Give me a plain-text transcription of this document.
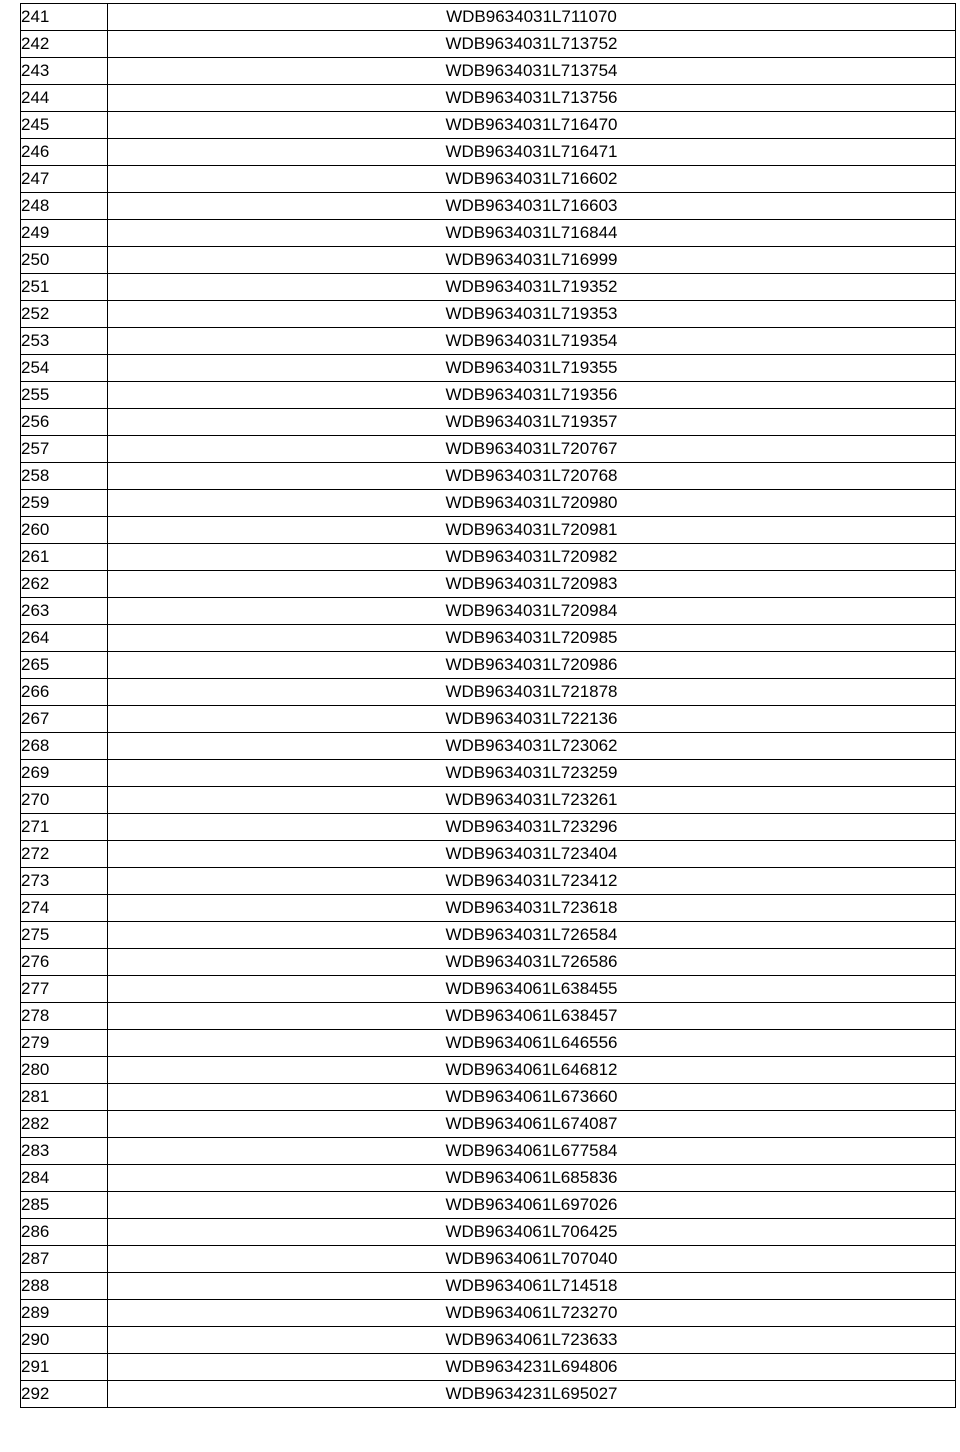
241	WDB9634031L711070
242	WDB9634031L713752
243	WDB9634031L713754
244	WDB9634031L713756
245	WDB9634031L716470
246	WDB9634031L716471
247	WDB9634031L716602
248	WDB9634031L716603
249	WDB9634031L716844
250	WDB9634031L716999
251	WDB9634031L719352
252	WDB9634031L719353
253	WDB9634031L719354
254	WDB9634031L719355
255	WDB9634031L719356
256	WDB9634031L719357
257	WDB9634031L720767
258	WDB9634031L720768
259	WDB9634031L720980
260	WDB9634031L720981
261	WDB9634031L720982
262	WDB9634031L720983
263	WDB9634031L720984
264	WDB9634031L720985
265	WDB9634031L720986
266	WDB9634031L721878
267	WDB9634031L722136
268	WDB9634031L723062
269	WDB9634031L723259
270	WDB9634031L723261
271	WDB9634031L723296
272	WDB9634031L723404
273	WDB9634031L723412
274	WDB9634031L723618
275	WDB9634031L726584
276	WDB9634031L726586
277	WDB9634061L638455
278	WDB9634061L638457
279	WDB9634061L646556
280	WDB9634061L646812
281	WDB9634061L673660
282	WDB9634061L674087
283	WDB9634061L677584
284	WDB9634061L685836
285	WDB9634061L697026
286	WDB9634061L706425
287	WDB9634061L707040
288	WDB9634061L714518
289	WDB9634061L723270
290	WDB9634061L723633
291	WDB9634231L694806
292	WDB9634231L695027
